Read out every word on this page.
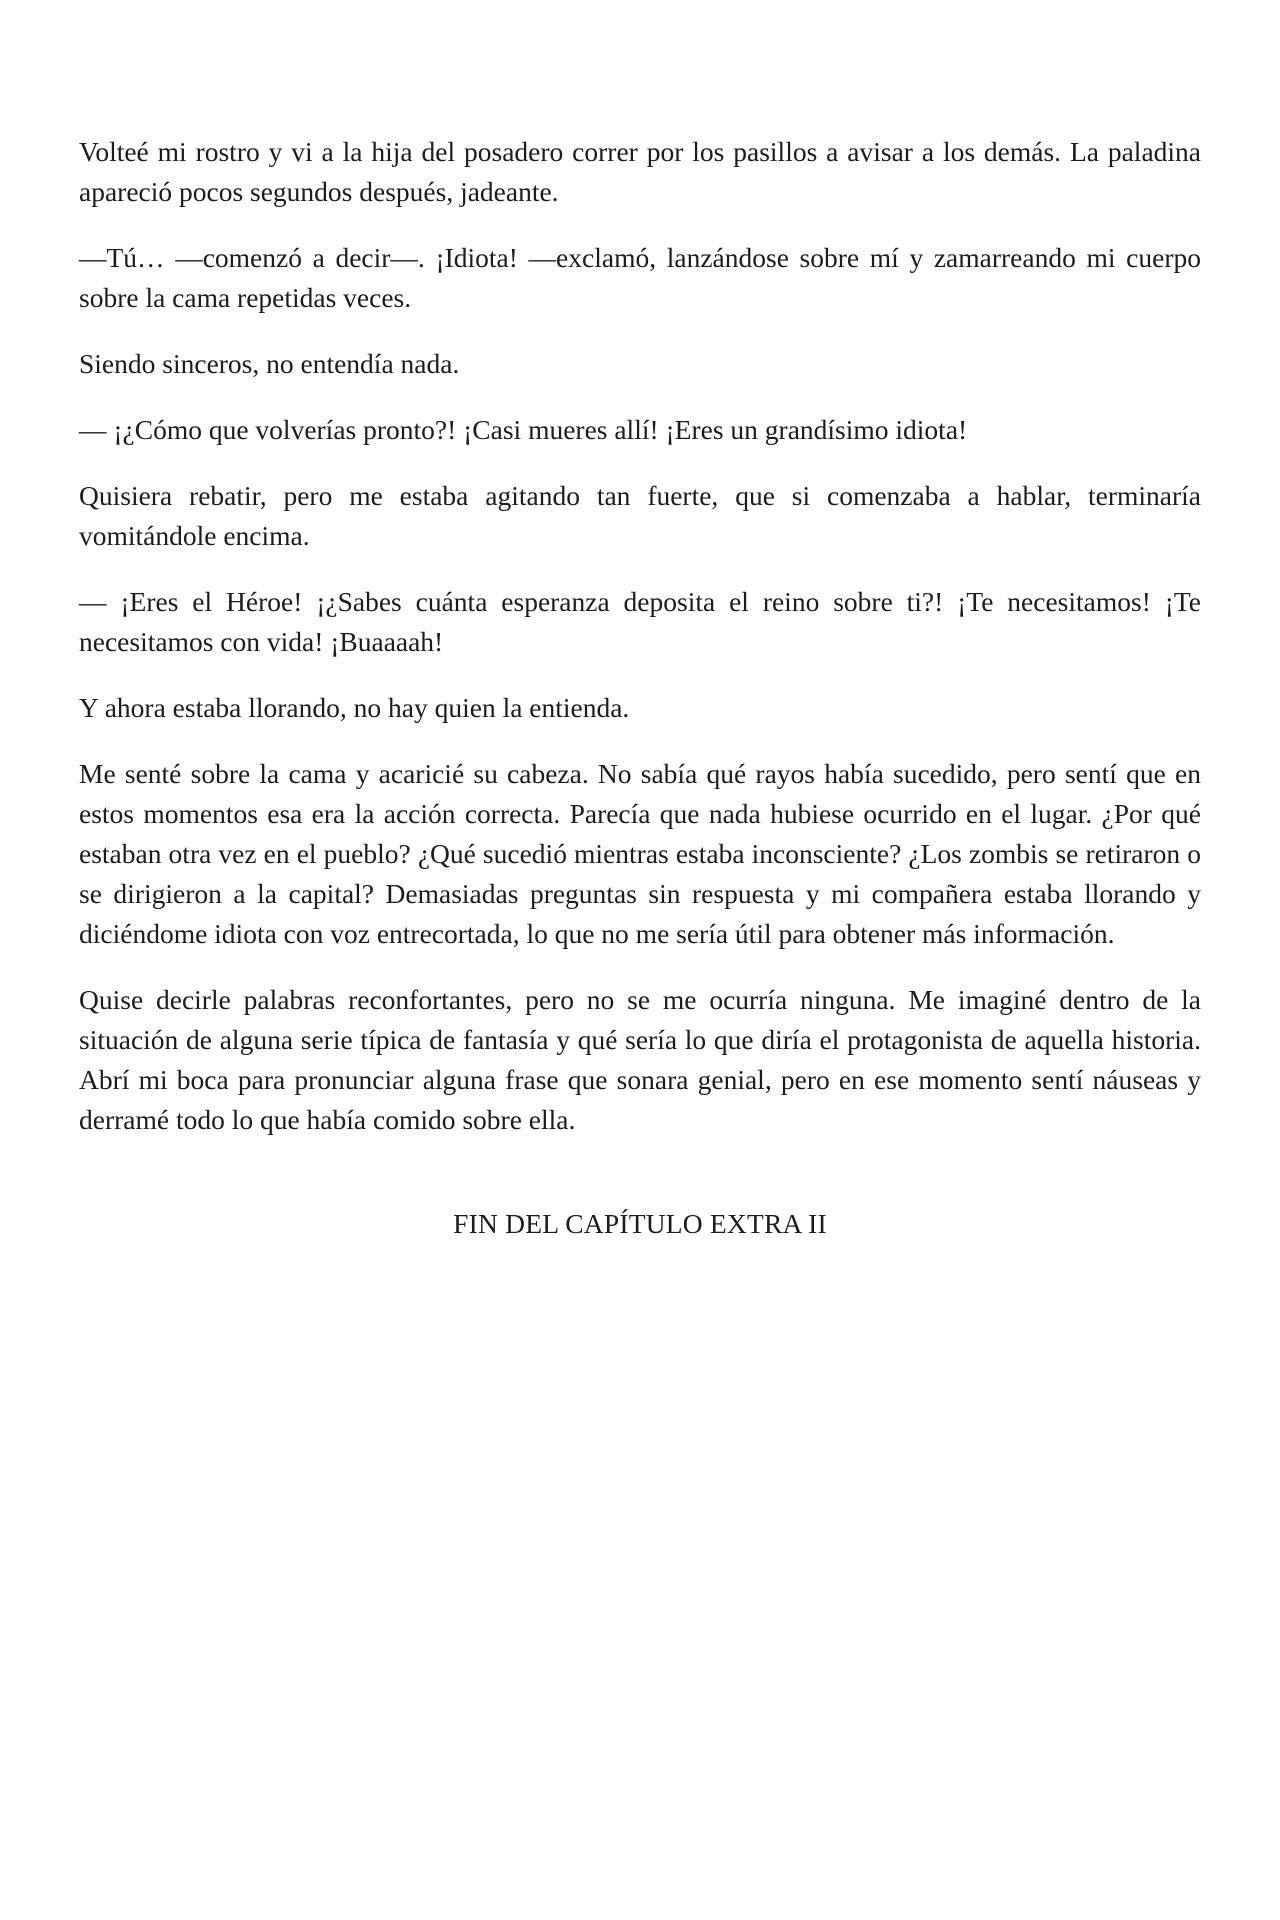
Volteé mi rostro y vi a la hija del posadero correr por los pasillos a avisar a los demás. La paladina apareció pocos segundos después, jadeante.

—Tú… —comenzó a decir—. ¡Idiota! —exclamó, lanzándose sobre mí y zamarreando mi cuerpo sobre la cama repetidas veces.

Siendo sinceros, no entendía nada.

— ¡¿Cómo que volverías pronto?! ¡Casi mueres allí! ¡Eres un grandísimo idiota!

Quisiera rebatir, pero me estaba agitando tan fuerte, que si comenzaba a hablar, terminaría vomitándole encima.

— ¡Eres el Héroe! ¡¿Sabes cuánta esperanza deposita el reino sobre ti?! ¡Te necesitamos! ¡Te necesitamos con vida! ¡Buaaaah!

Y ahora estaba llorando, no hay quien la entienda.

Me senté sobre la cama y acaricié su cabeza. No sabía qué rayos había sucedido, pero sentí que en estos momentos esa era la acción correcta. Parecía que nada hubiese ocurrido en el lugar. ¿Por qué estaban otra vez en el pueblo? ¿Qué sucedió mientras estaba inconsciente? ¿Los zombis se retiraron o se dirigieron a la capital? Demasiadas preguntas sin respuesta y mi compañera estaba llorando y diciéndome idiota con voz entrecortada, lo que no me sería útil para obtener más información.

Quise decirle palabras reconfortantes, pero no se me ocurría ninguna. Me imaginé dentro de la situación de alguna serie típica de fantasía y qué sería lo que diría el protagonista de aquella historia. Abrí mi boca para pronunciar alguna frase que sonara genial, pero en ese momento sentí náuseas y derramé todo lo que había comido sobre ella.

FIN DEL CAPÍTULO EXTRA II
